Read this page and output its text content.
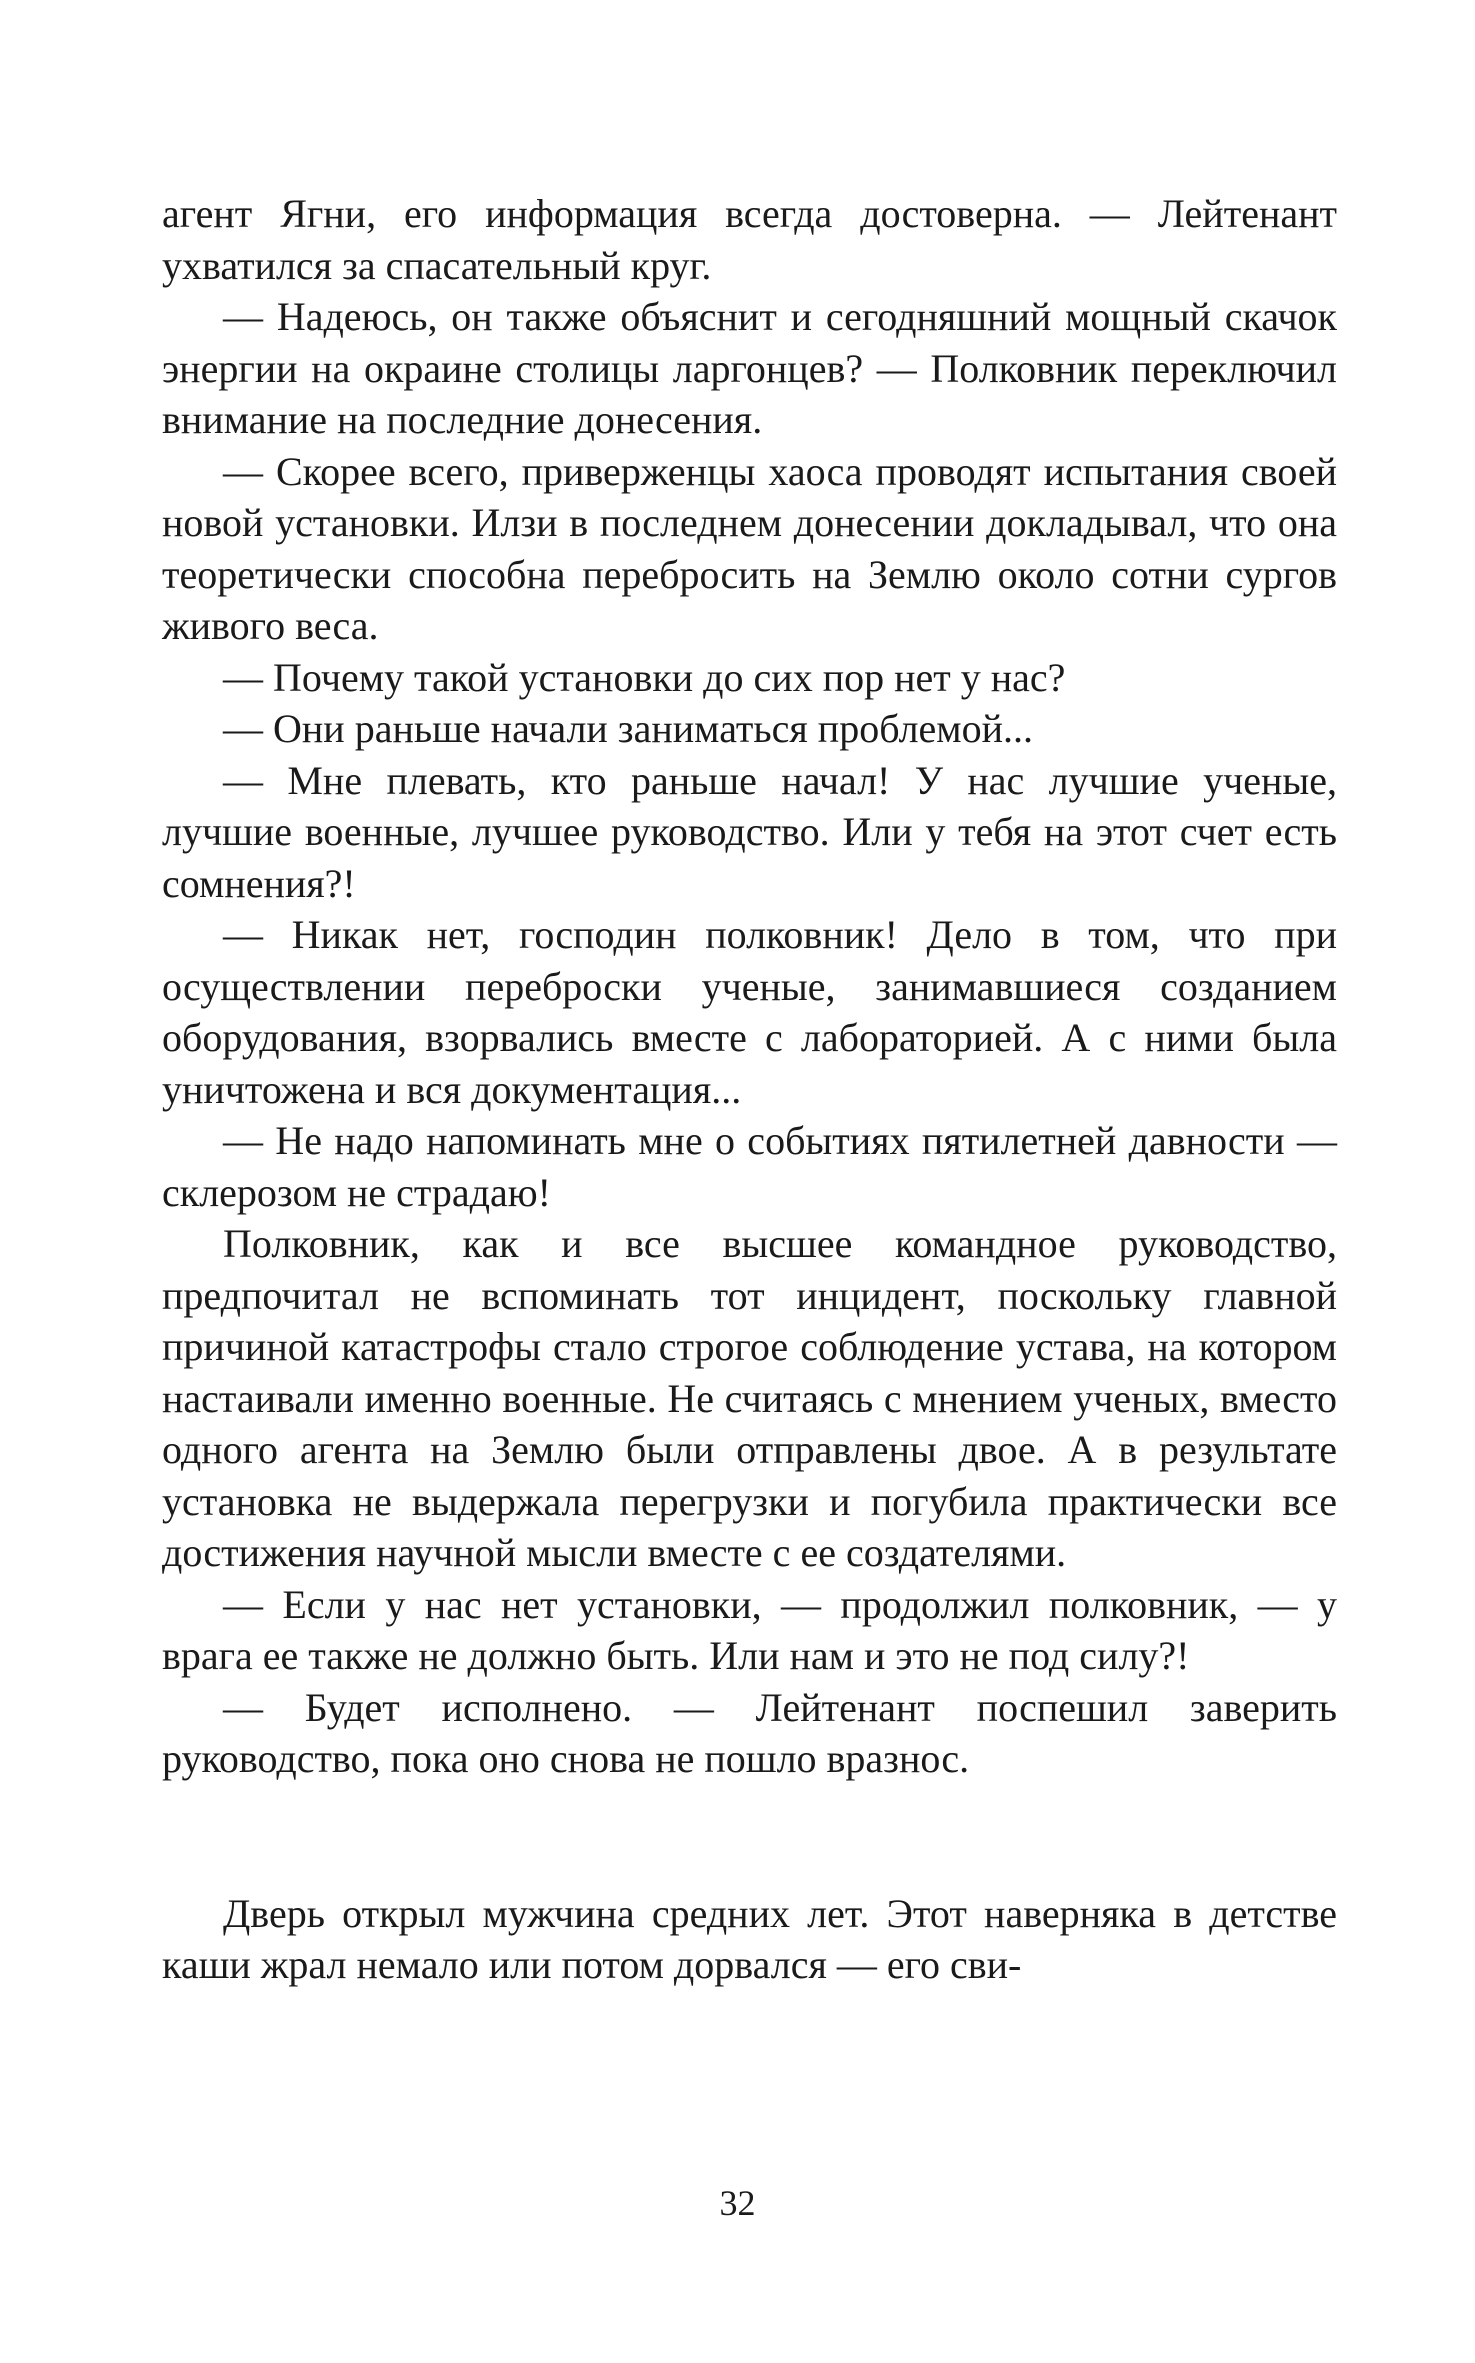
агент Ягни, его информация всегда достоверна. — Лейтенант ухватился за спасательный круг.

— Надеюсь, он также объяснит и сегодняшний мощный скачок энергии на окраине столицы ларгонцев? — Полковник переключил внимание на последние донесения.

— Скорее всего, приверженцы хаоса проводят испытания своей новой установки. Илзи в последнем донесении докладывал, что она теоретически способна перебросить на Землю около сотни сургов живого веса.

— Почему такой установки до сих пор нет у нас?

— Они раньше начали заниматься проблемой...

— Мне плевать, кто раньше начал! У нас лучшие ученые, лучшие военные, лучшее руководство. Или у тебя на этот счет есть сомнения?!

— Никак нет, господин полковник! Дело в том, что при осуществлении переброски ученые, занимавшиеся созданием оборудования, взорвались вместе с лабораторией. А с ними была уничтожена и вся документация...

— Не надо напоминать мне о событиях пятилетней давности — склерозом не страдаю!

Полковник, как и все высшее командное руководство, предпочитал не вспоминать тот инцидент, поскольку главной причиной катастрофы стало строгое соблюдение устава, на котором настаивали именно военные. Не считаясь с мнением ученых, вместо одного агента на Землю были отправлены двое. А в результате установка не выдержала перегрузки и погубила практически все достижения научной мысли вместе с ее создателями.

— Если у нас нет установки, — продолжил полковник, — у врага ее также не должно быть. Или нам и это не под силу?!

— Будет исполнено. — Лейтенант поспешил заверить руководство, пока оно снова не пошло вразнос.

Дверь открыл мужчина средних лет. Этот наверняка в детстве каши жрал немало или потом дорвался — его сви-

32
